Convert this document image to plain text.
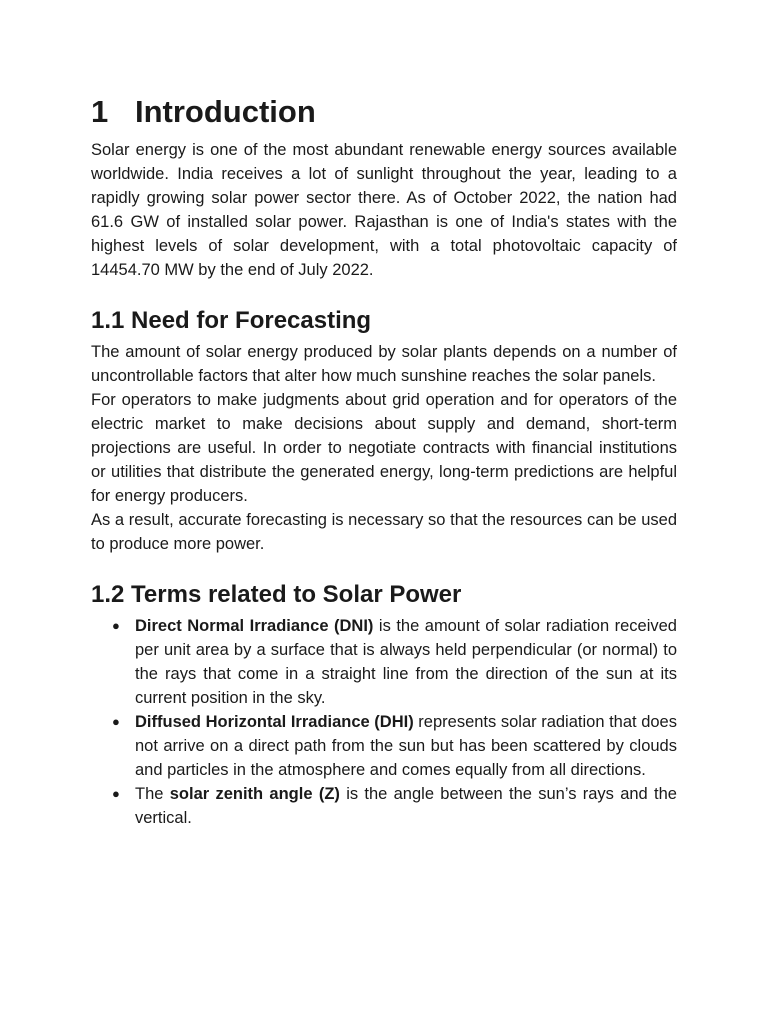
1 Introduction

Solar energy is one of the most abundant renewable energy sources available worldwide. India receives a lot of sunlight throughout the year, leading to a rapidly growing solar power sector there. As of October 2022, the nation had 61.6 GW of installed solar power. Rajasthan is one of India's states with the highest levels of solar development, with a total photovoltaic capacity of 14454.70 MW by the end of July 2022.

1.1 Need for Forecasting

The amount of solar energy produced by solar plants depends on a number of uncontrollable factors that alter how much sunshine reaches the solar panels.

For operators to make judgments about grid operation and for operators of the electric market to make decisions about supply and demand, short-term projections are useful. In order to negotiate contracts with financial institutions or utilities that distribute the generated energy, long-term predictions are helpful for energy producers.

As a result, accurate forecasting is necessary so that the resources can be used to produce more power.

1.2 Terms related to Solar Power
● Direct Normal Irradiance (DNI) is the amount of solar radiation received per unit area by a surface that is always held perpendicular (or normal) to the rays that come in a straight line from the direction of the sun at its current position in the sky.
● Diffused Horizontal Irradiance (DHI) represents solar radiation that does not arrive on a direct path from the sun but has been scattered by clouds and particles in the atmosphere and comes equally from all directions.
● The solar zenith angle (Z) is the angle between the sun’s rays and the vertical.
